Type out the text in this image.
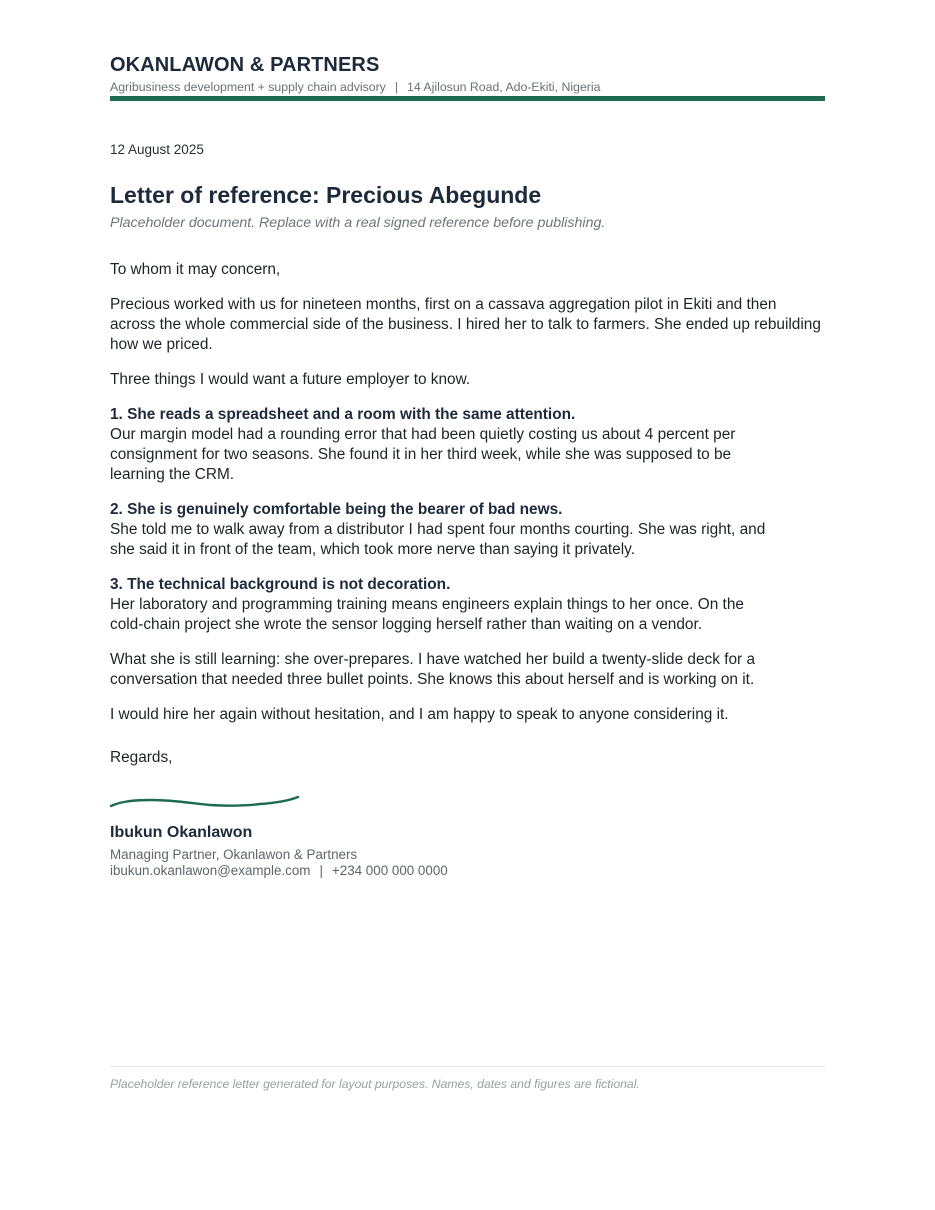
OKANLAWON & PARTNERS
Agribusiness development + supply chain advisory | 14 Ajilosun Road, Ado-Ekiti, Nigeria
12 August 2025
Letter of reference: Precious Abegunde
Placeholder document. Replace with a real signed reference before publishing.
To whom it may concern,
Precious worked with us for nineteen months, first on a cassava aggregation pilot in Ekiti and then across the whole commercial side of the business. I hired her to talk to farmers. She ended up rebuilding how we priced.
Three things I would want a future employer to know.
1. She reads a spreadsheet and a room with the same attention.
Our margin model had a rounding error that had been quietly costing us about 4 percent per consignment for two seasons. She found it in her third week, while she was supposed to be learning the CRM.
2. She is genuinely comfortable being the bearer of bad news.
She told me to walk away from a distributor I had spent four months courting. She was right, and she said it in front of the team, which took more nerve than saying it privately.
3. The technical background is not decoration.
Her laboratory and programming training means engineers explain things to her once. On the cold-chain project she wrote the sensor logging herself rather than waiting on a vendor.
What she is still learning: she over-prepares. I have watched her build a twenty-slide deck for a conversation that needed three bullet points. She knows this about herself and is working on it.
I would hire her again without hesitation, and I am happy to speak to anyone considering it.
Regards,
Ibukun Okanlawon
Managing Partner, Okanlawon & Partners
ibukun.okanlawon@example.com | +234 000 000 0000
Placeholder reference letter generated for layout purposes. Names, dates and figures are fictional.
